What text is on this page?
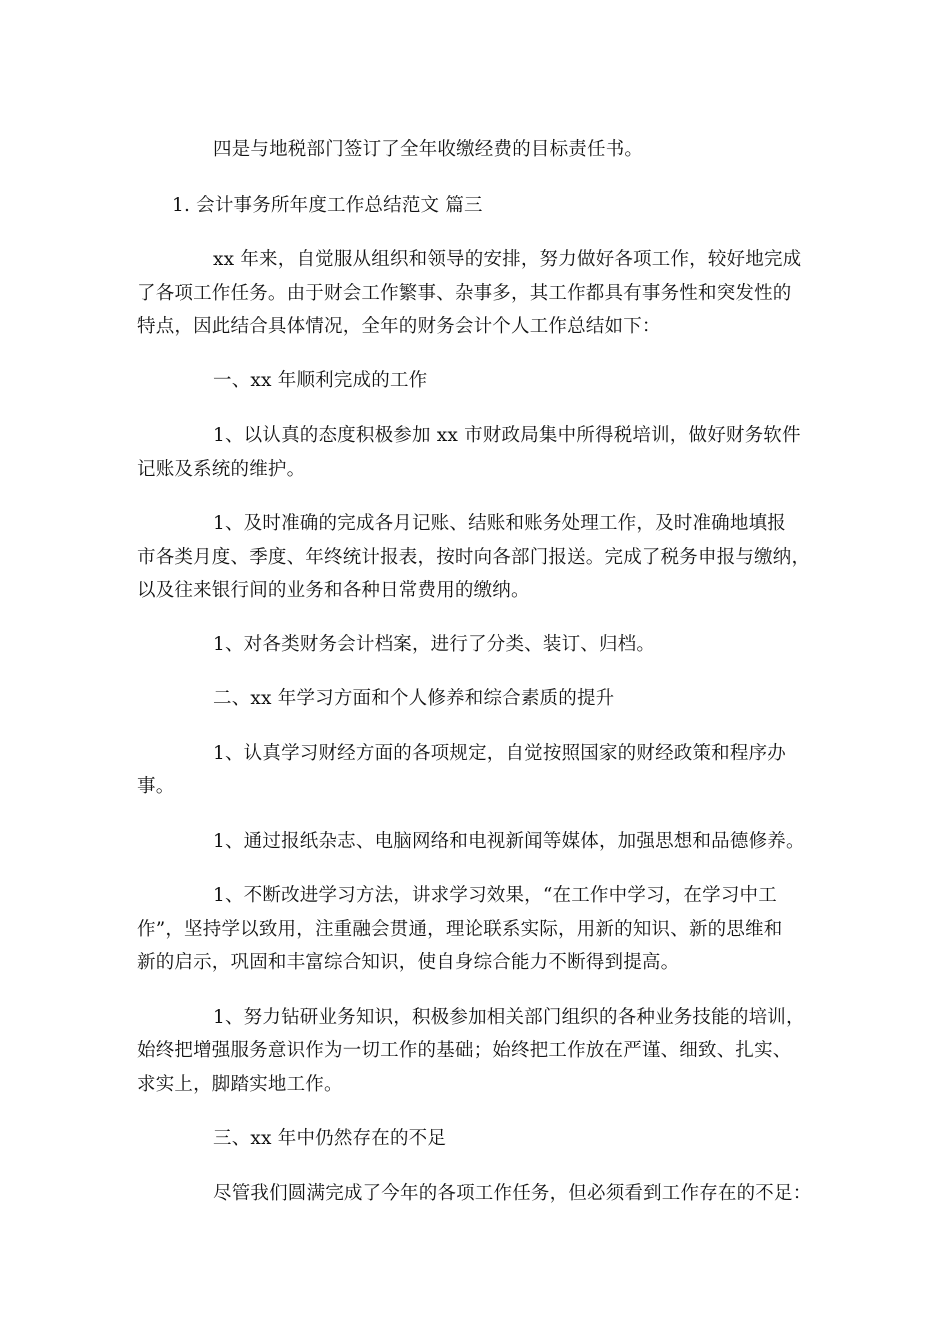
四是与地税部门签订了全年收缴经费的目标责任书。
1. 会计事务所年度工作总结范文 篇三
xx 年来，自觉服从组织和领导的安排，努力做好各项工作，较好地完成
了各项工作任务。由于财会工作繁事、杂事多，其工作都具有事务性和突发性的
特点，因此结合具体情况，全年的财务会计个人工作总结如下：
一、xx 年顺利完成的工作
1、以认真的态度积极参加 xx 市财政局集中所得税培训，做好财务软件
记账及系统的维护。
1、及时准确的完成各月记账、结账和账务处理工作，及时准确地填报
市各类月度、季度、年终统计报表，按时向各部门报送。完成了税务申报与缴纳，
以及往来银行间的业务和各种日常费用的缴纳。
1、对各类财务会计档案，进行了分类、装订、归档。
二、xx 年学习方面和个人修养和综合素质的提升
1、认真学习财经方面的各项规定，自觉按照国家的财经政策和程序办
事。
1、通过报纸杂志、电脑网络和电视新闻等媒体，加强思想和品德修养。
1、不断改进学习方法，讲求学习效果，“在工作中学习，在学习中工
作”，坚持学以致用，注重融会贯通，理论联系实际，用新的知识、新的思维和
新的启示，巩固和丰富综合知识，使自身综合能力不断得到提高。
1、努力钻研业务知识，积极参加相关部门组织的各种业务技能的培训，
始终把增强服务意识作为一切工作的基础；始终把工作放在严谨、细致、扎实、
求实上，脚踏实地工作。
三、xx 年中仍然存在的不足
尽管我们圆满完成了今年的各项工作任务，但必须看到工作存在的不足：
